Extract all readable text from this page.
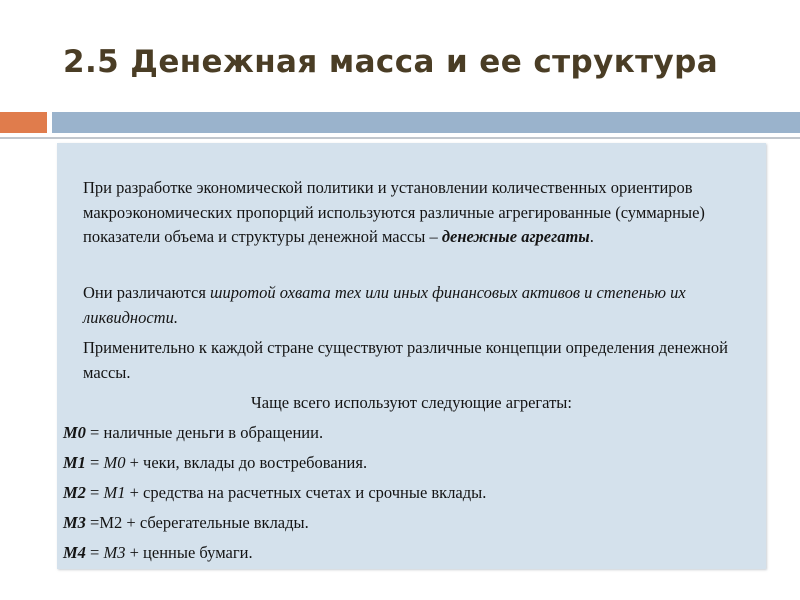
2.5 Денежная масса и ее структура

При разработке экономической политики и установлении количественных ориентиров макроэкономических пропорций используются различные агрегированные (суммарные) показатели объема и структуры денежной массы – денежные агрегаты.

Они различаются широтой охвата тех или иных финансовых активов и степенью их ликвидности.

Применительно к каждой стране существуют различные концепции определения денежной массы.

Чаще всего используют следующие агрегаты:

M0 = наличные деньги в обращении.

M1 = M0 + чеки, вклады до востребования.

M2 = M1 + средства на расчетных счетах и срочные вклады.

M3 =M2 + сберегательные вклады.

M4 = M3 + ценные бумаги.
